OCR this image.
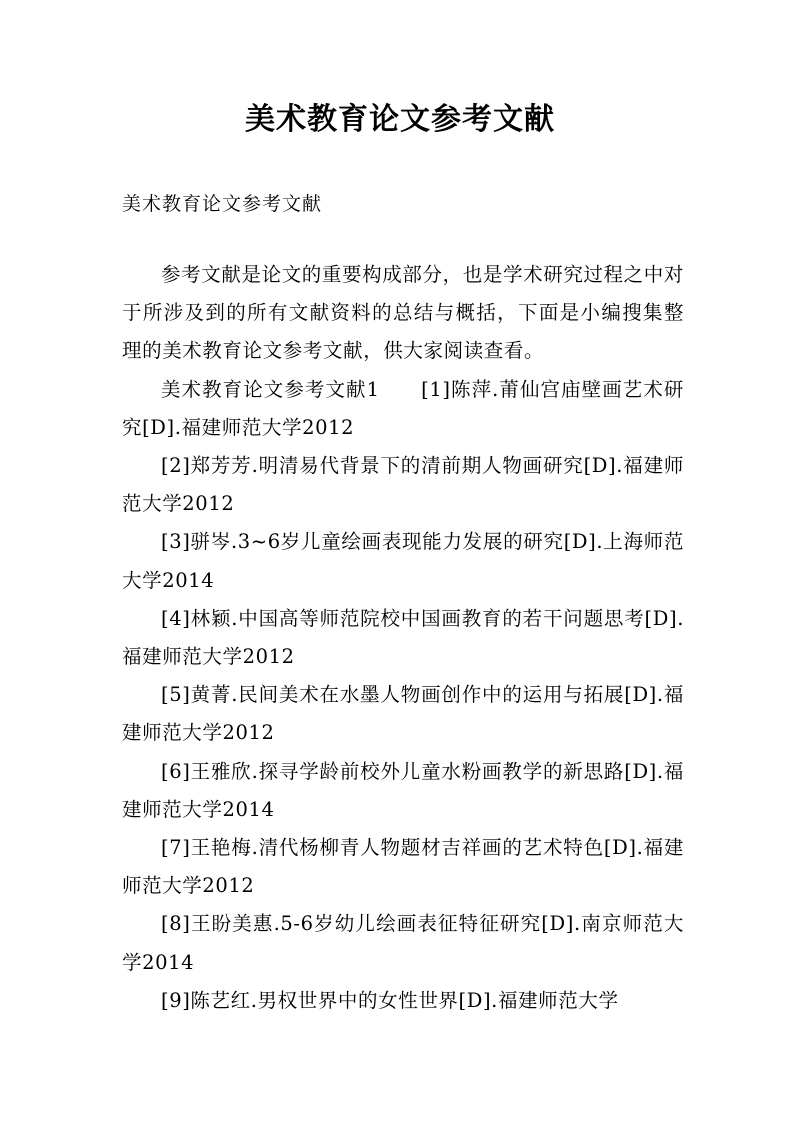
美术教育论文参考文献
美术教育论文参考文献

参考文献是论文的重要构成部分，也是学术研究过程之中对于所涉及到的所有文献资料的总结与概括，下面是小编搜集整理的美术教育论文参考文献，供大家阅读查看。

美术教育论文参考文献1　　[1]陈萍.莆仙宫庙壁画艺术研究[D].福建师范大学2012

[2]郑芳芳.明清易代背景下的清前期人物画研究[D].福建师范大学2012

[3]骈岑.3~6岁儿童绘画表现能力发展的研究[D].上海师范大学2014

[4]林颖.中国高等师范院校中国画教育的若干问题思考[D].福建师范大学2012

[5]黄菁.民间美术在水墨人物画创作中的运用与拓展[D].福建师范大学2012

[6]王雅欣.探寻学龄前校外儿童水粉画教学的新思路[D].福建师范大学2014

[7]王艳梅.清代杨柳青人物题材吉祥画的艺术特色[D].福建师范大学2012

[8]王盼美惠.5-6岁幼儿绘画表征特征研究[D].南京师范大学2014

[9]陈艺红.男权世界中的女性世界[D].福建师范大学
